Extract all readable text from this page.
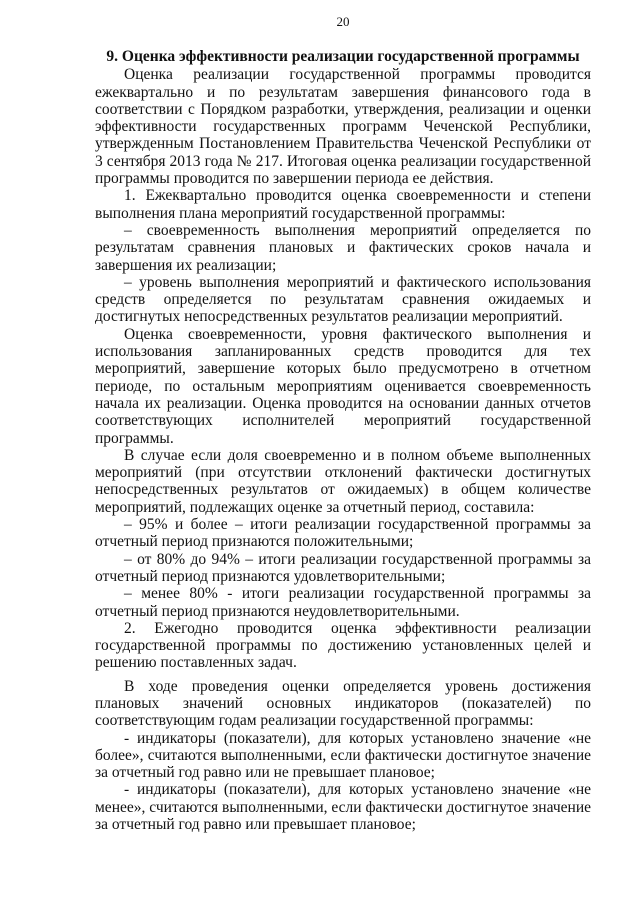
20
9. Оценка эффективности реализации государственной программы

Оценка реализации государственной программы проводится ежеквартально и по результатам завершения финансового года в соответствии с Порядком разработки, утверждения, реализации и оценки эффективности государственных программ Чеченской Республики, утвержденным Постановлением Правительства Чеченской Республики от 3 сентября 2013 года № 217. Итоговая оценка реализации государственной программы проводится по завершении периода ее действия.

1. Ежеквартально проводится оценка своевременности и степени выполнения плана мероприятий государственной программы:

– своевременность выполнения мероприятий определяется по результатам сравнения плановых и фактических сроков начала и завершения их реализации;

– уровень выполнения мероприятий и фактического использования средств определяется по результатам сравнения ожидаемых и достигнутых непосредственных результатов реализации мероприятий.

Оценка своевременности, уровня фактического выполнения и использования запланированных средств проводится для тех мероприятий, завершение которых было предусмотрено в отчетном периоде, по остальным мероприятиям оценивается своевременность начала их реализации. Оценка проводится на основании данных отчетов соответствующих исполнителей мероприятий государственной программы.

В случае если доля своевременно и в полном объеме выполненных мероприятий (при отсутствии отклонений фактически достигнутых непосредственных результатов от ожидаемых) в общем количестве мероприятий, подлежащих оценке за отчетный период, составила:

– 95% и более – итоги реализации государственной программы за отчетный период признаются положительными;

– от 80% до 94% – итоги реализации государственной программы за отчетный период признаются удовлетворительными;

– менее 80% - итоги реализации государственной программы за отчетный период признаются неудовлетворительными.

2. Ежегодно проводится оценка эффективности реализации государственной программы по достижению установленных целей и решению поставленных задач.

В ходе проведения оценки определяется уровень достижения плановых значений основных индикаторов (показателей) по соответствующим годам реализации государственной программы:

- индикаторы (показатели), для которых установлено значение «не более», считаются выполненными, если фактически достигнутое значение за отчетный год равно или не превышает плановое;

- индикаторы (показатели), для которых установлено значение «не менее», считаются выполненными, если фактически достигнутое значение за отчетный год равно или превышает плановое;
